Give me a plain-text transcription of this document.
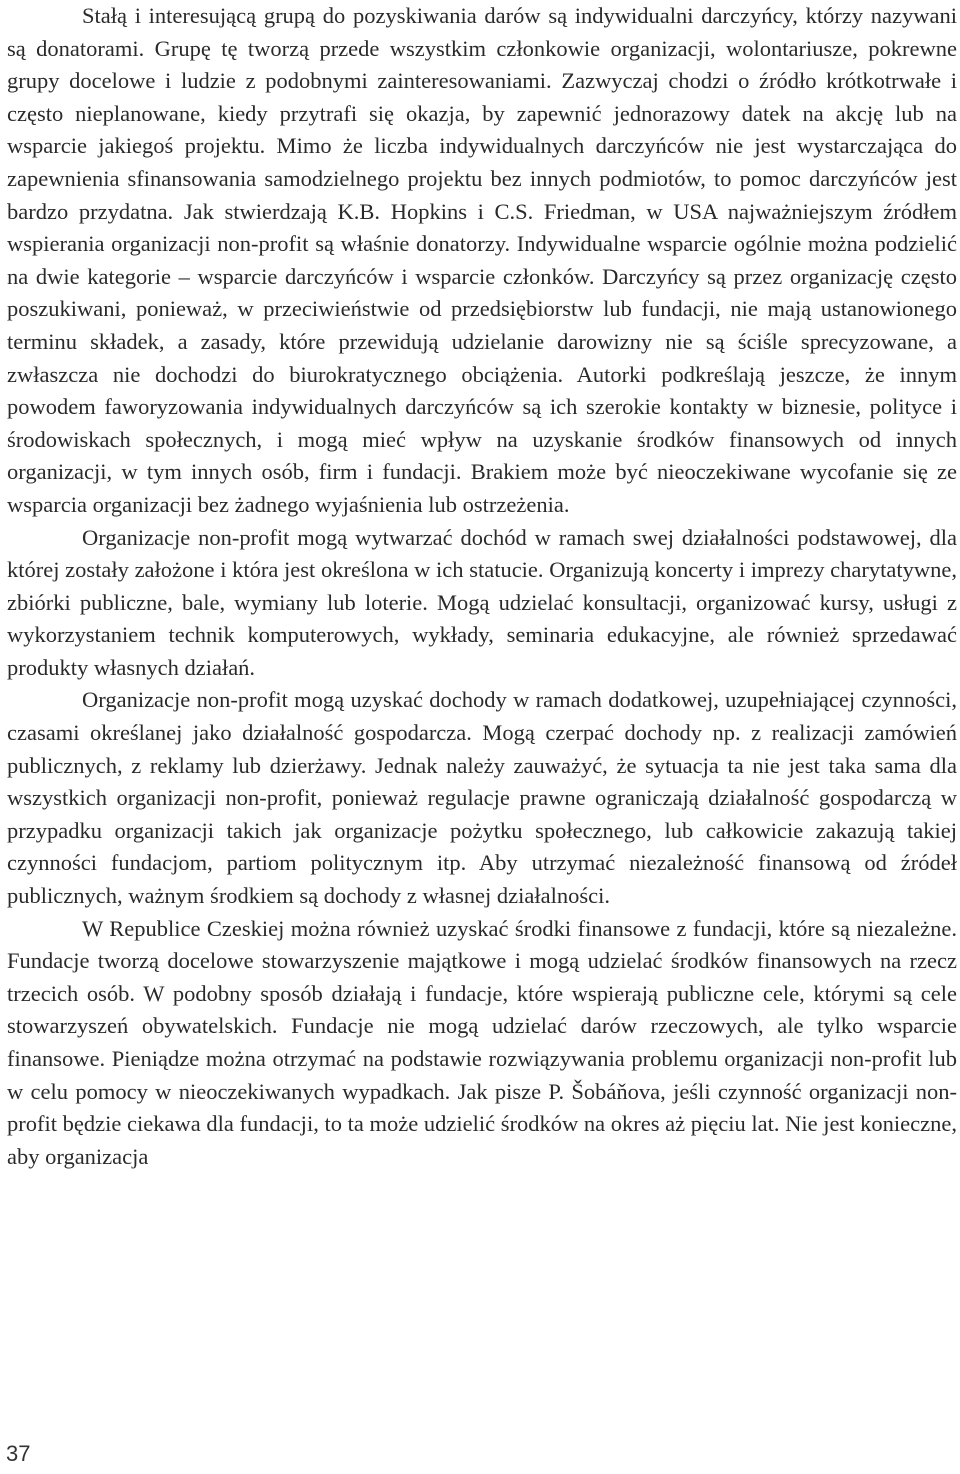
Stałą i interesującą grupą do pozyskiwania darów są indywidualni darczyńcy, którzy nazywani są donatorami. Grupę tę tworzą przede wszystkim członkowie organizacji, wolontariusze, pokrewne grupy docelowe i ludzie z podobnymi zainteresowaniami. Zazwyczaj chodzi o źródło krótkotrwałe i często nieplanowane, kiedy przytrafi się okazja, by zapewnić jednorazowy datek na akcję lub na wsparcie jakiegoś projektu. Mimo że liczba indywidualnych darczyńców nie jest wystarczająca do zapewnienia sfinansowania samodzielnego projektu bez innych podmiotów, to pomoc darczyńców jest bardzo przydatna. Jak stwierdzają K.B. Hopkins i C.S. Friedman, w USA najważniejszym źródłem wspierania organizacji non-profit są właśnie donatorzy. Indywidualne wsparcie ogólnie można podzielić na dwie kategorie – wsparcie darczyńców i wsparcie członków. Darczyńcy są przez organizację często poszukiwani, ponieważ, w przeciwieństwie od przedsiębiorstw lub fundacji, nie mają ustanowionego terminu składek, a zasady, które przewidują udzielanie darowizny nie są ściśle sprecyzowane, a zwłaszcza nie dochodzi do biurokratycznego obciążenia. Autorki podkreślają jeszcze, że innym powodem faworyzowania indywidualnych darczyńców są ich szerokie kontakty w biznesie, polityce i środowiskach społecznych, i mogą mieć wpływ na uzyskanie środków finansowych od innych organizacji, w tym innych osób, firm i fundacji. Brakiem może być nieoczekiwane wycofanie się ze wsparcia organizacji bez żadnego wyjaśnienia lub ostrzeżenia.

Organizacje non-profit mogą wytwarzać dochód w ramach swej działalności podstawowej, dla której zostały założone i która jest określona w ich statucie. Organizują koncerty i imprezy charytatywne, zbiórki publiczne, bale, wymiany lub loterie. Mogą udzielać konsultacji, organizować kursy, usługi z wykorzystaniem technik komputerowych, wykłady, seminaria edukacyjne, ale również sprzedawać produkty własnych działań.

Organizacje non-profit mogą uzyskać dochody w ramach dodatkowej, uzupełniającej czynności, czasami określanej jako działalność gospodarcza. Mogą czerpać dochody np. z realizacji zamówień publicznych, z reklamy lub dzierżawy. Jednak należy zauważyć, że sytuacja ta nie jest taka sama dla wszystkich organizacji non-profit, ponieważ regulacje prawne ograniczają działalność gospodarczą w przypadku organizacji takich jak organizacje pożytku społecznego, lub całkowicie zakazują takiej czynności fundacjom, partiom politycznym itp. Aby utrzymać niezależność finansową od źródeł publicznych, ważnym środkiem są dochody z własnej działalności.

W Republice Czeskiej można również uzyskać środki finansowe z fundacji, które są niezależne. Fundacje tworzą docelowe stowarzyszenie majątkowe i mogą udzielać środków finansowych na rzecz trzecich osób. W podobny sposób działają i fundacje, które wspierają publiczne cele, którymi są cele stowarzyszeń obywatelskich. Fundacje nie mogą udzielać darów rzeczowych, ale tylko wsparcie finansowe. Pieniądze można otrzymać na podstawie rozwiązywania problemu organizacji non-profit lub w celu pomocy w nieoczekiwanych wypadkach. Jak pisze P. Šobáňova, jeśli czynność organizacji non-profit będzie ciekawa dla fundacji, to ta może udzielić środków na okres aż pięciu lat. Nie jest konieczne, aby organizacja

37
